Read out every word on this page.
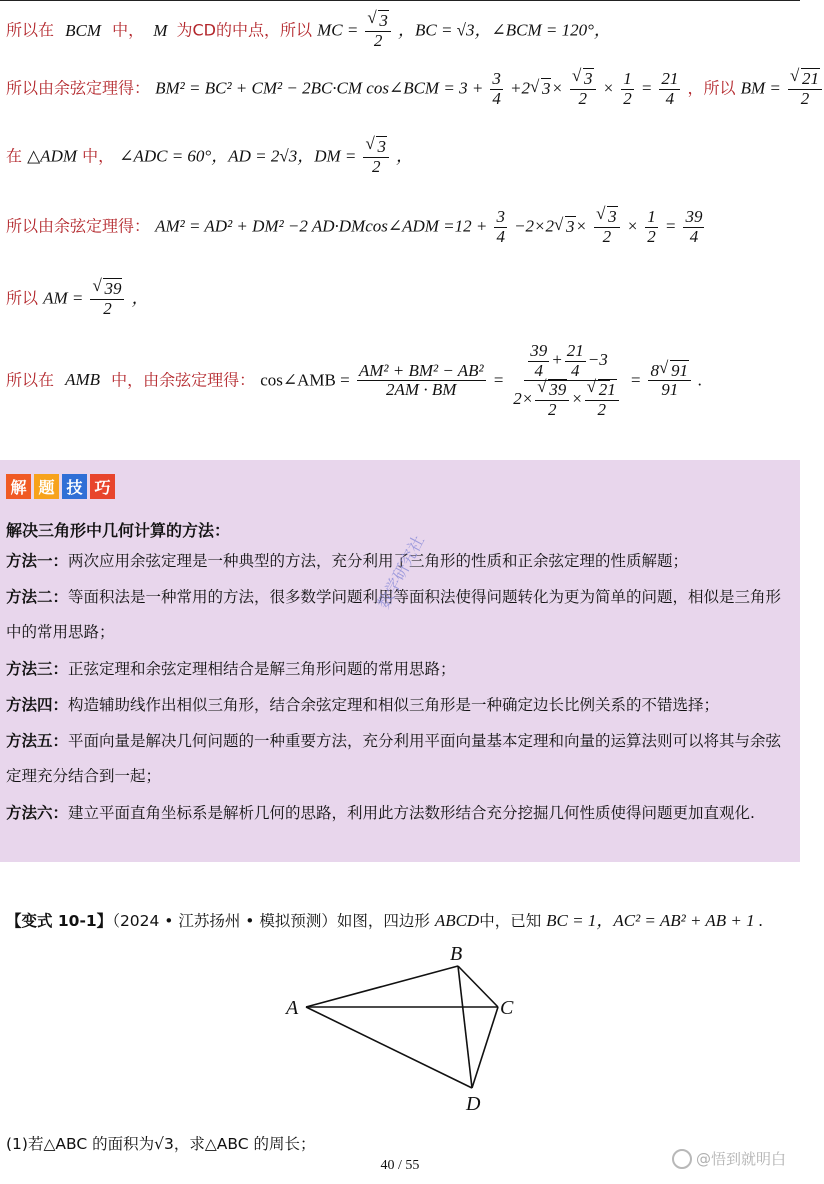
所以在 BCM 中， M 为CD的中点，所以 MC =
√ $\frac{3}{2}$ ，BC = √3，∠BCM = 120°，
所以由余弦定理得： BM² = BC² + CM² − 2BC·CM cos∠BCM = $3 + \frac{3}{4} +2√$ 3×
√ $\frac{3}{2} \times \frac{1}{2} = \frac{21}{4}$ ，所以 BM =
√ $\frac{21}{2}$
在 △ADM 中， ∠ADC = 60°，AD = 2√3，DM =
√ $\frac{3}{2}$ ，
所以由余弦定理得： AM² = AD² + DM² −2 AD·DMcos∠ADM $=12 + \frac{3}{4} -2\times 2√$ 3×
√ $\frac{3}{2} \times \frac{1}{2} = \frac{39}{4}$
所以 AM =
√ $\frac{39}{2}$ ，
所以在 AMB 中，由余弦定理得： cos∠AMB = $\frac{\text{AM² + BM² − AB²}}{2AM \cdot BM} = \frac{39}{4} + \frac{21}{4} -3$
2×
√ $\frac{39}{2}$ ×
√ $\frac{21}{2} = \frac{8√ 91}{91}$ .
解 题 技 巧
解决三角形中几何计算的方法：
方法一：两次应用余弦定理是一种典型的方法，充分利用了三角形的性质和正余弦定理的性质解题；
方法二：等面积法是一种常用的方法，很多数学问题利用等面积法使得问题转化为更为简单的问题，相似是三角形中的常用思路；
方法三：正弦定理和余弦定理相结合是解三角形问题的常用思路；
方法四：构造辅助线作出相似三角形，结合余弦定理和相似三角形是一种确定边长比例关系的不错选择；
方法五：平面向量是解决几何问题的一种重要方法，充分利用平面向量基本定理和向量的运算法则可以将其与余弦定理充分结合到一起；
方法六：建立平面直角坐标系是解析几何的思路，利用此方法数形结合充分挖掘几何性质使得问题更加直观化.
数学研究社
【变式 10-1】（2024 • 江苏扬州 • 模拟预测）如图，四边形 ABCD中，已知 BC = 1，AC² = AB² + AB + 1 .
A
B
C
D
(1)若△ABC 的面积为√3，求△ABC 的周长；
40 / 55	@悟到就明白
